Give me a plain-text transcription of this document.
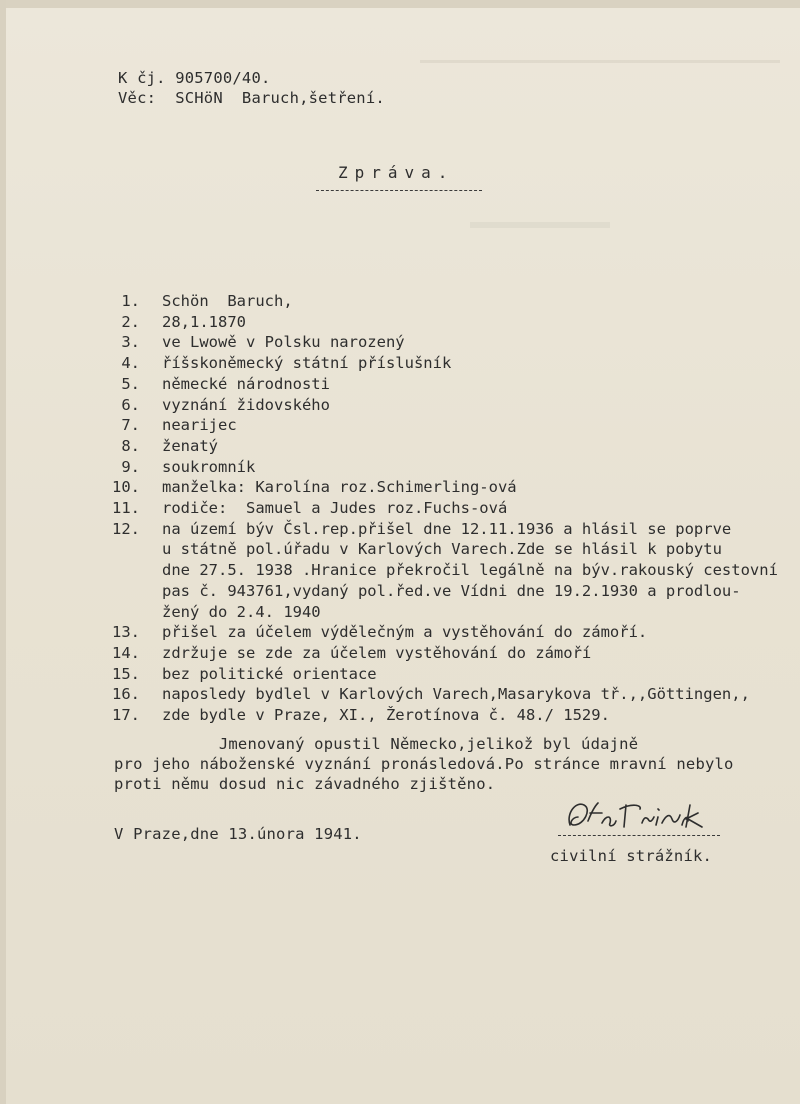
K čj. 905700/40.
Věc:  SCHöN  Baruch,šetření.
Zpráva.
1. Schön  Baruch,
2. 28,1.1870
3. ve Lwowě v Polsku narozený
4. říšskoněmecký státní příslušník
5. německé národnosti
6. vyznání židovského
7. nearijec
8. ženatý
9. soukromník
10. manželka: Karolína roz.Schimerling-ová
11. rodiče:  Samuel a Judes roz.Fuchs-ová
12. na území býv Čsl.rep.přišel dne 12.11.1936 a hlásil se poprve
u státně pol.úřadu v Karlových Varech.Zde se hlásil k pobytu
dne 27.5. 1938 .Hranice překročil legálně na býv.rakouský cestovní
pas č. 943761,vydaný pol.řed.ve Vídni dne 19.2.1930 a prodlou-
žený do 2.4. 1940
13. přišel za účelem výdělečným a vystěhování do zámoří.
14. zdržuje se zde za účelem vystěhování do zámoří
15. bez politické orientace
16. naposledy bydlel v Karlových Varech,Masarykova tř.,,Göttingen,,
17. zde bydle v Praze, XI., Žerotínova č. 48./ 1529.
Jmenovaný opustil Německo,jelikož byl údajně
pro jeho náboženské vyznání pronásledová.Po stránce mravní nebylo
proti němu dosud nic závadného zjištěno.
V Praze,dne 13.února 1941.
civilní strážník.
